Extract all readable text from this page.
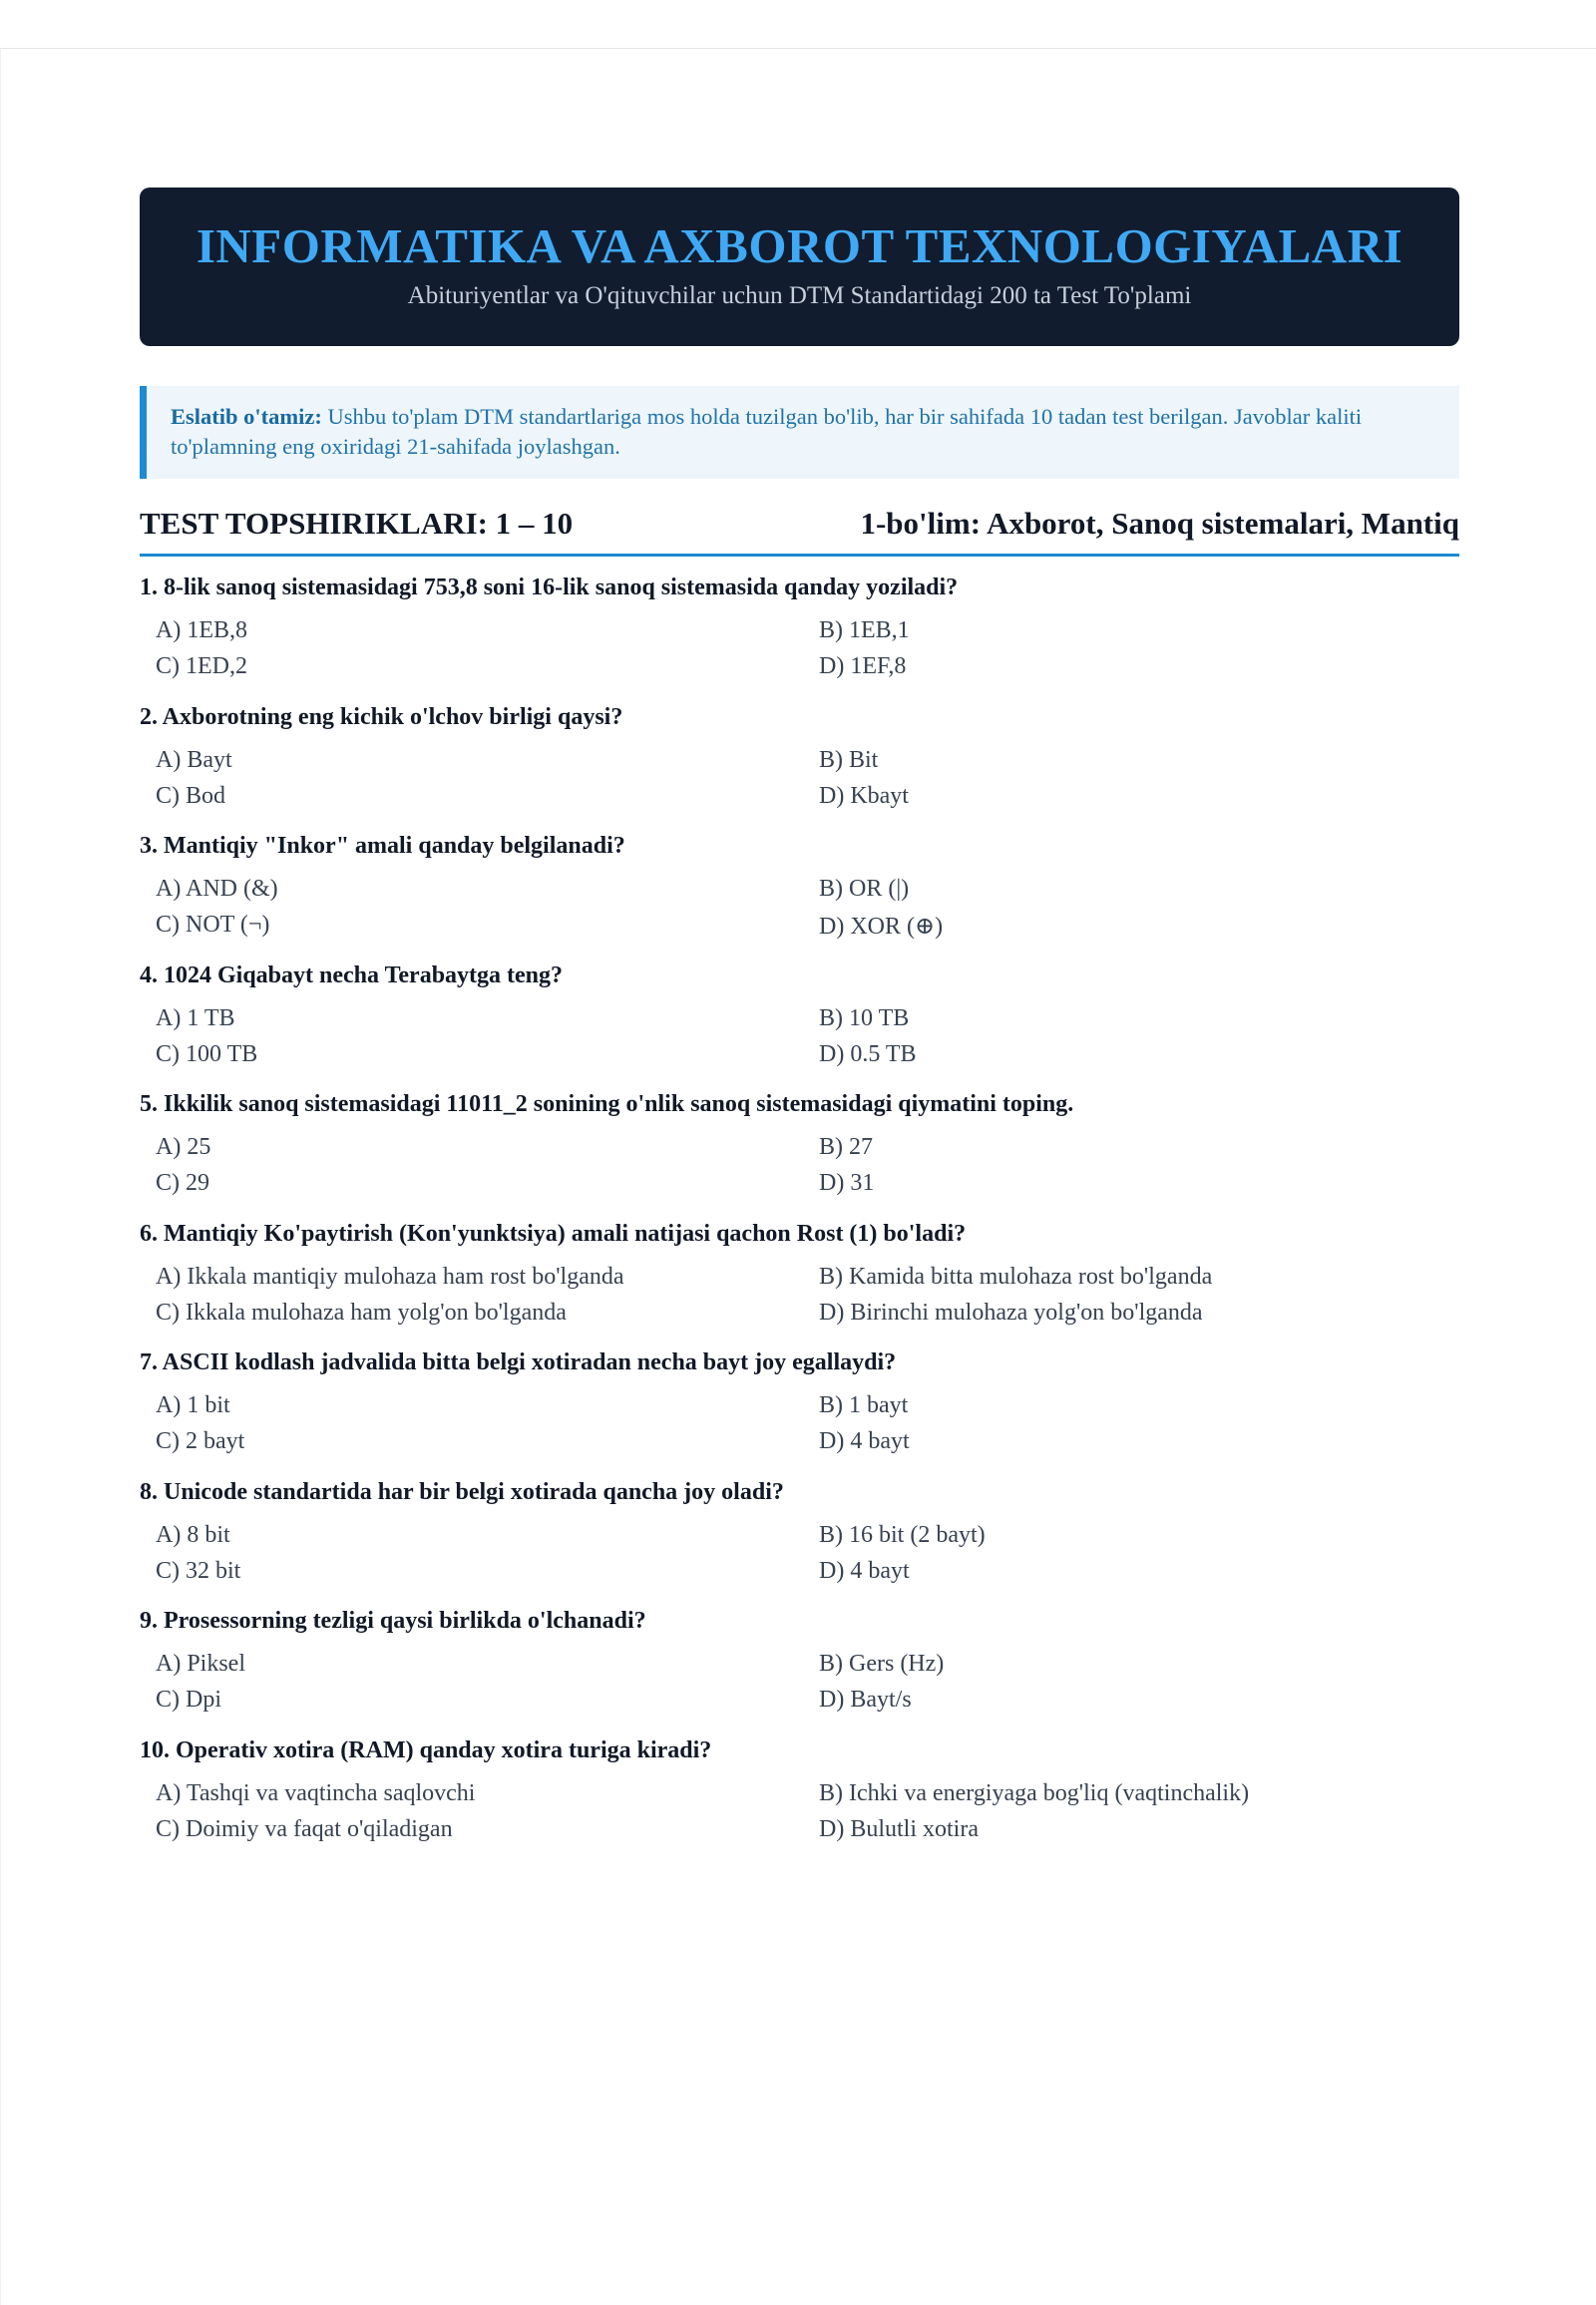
INFORMATIKA VA AXBOROT TEXNOLOGIYALARI
Abituriyentlar va O'qituvchilar uchun DTM Standartidagi 200 ta Test To'plami
Eslatib o'tamiz: Ushbu to'plam DTM standartlariga mos holda tuzilgan bo'lib, har bir sahifada 10 tadan test berilgan. Javoblar kaliti to'plamning eng oxiridagi 21-sahifada joylashgan.
TEST TOPSHIRIKLARI: 1 – 10	1-bo'lim: Axborot, Sanoq sistemalari, Mantiq
1. 8-lik sanoq sistemasidagi 753,8 soni 16-lik sanoq sistemasida qanday yoziladi?
A) 1EB,8	B) 1EB,1
C) 1ED,2	D) 1EF,8
2. Axborotning eng kichik o'lchov birligi qaysi?
A) Bayt	B) Bit
C) Bod	D) Kbayt
3. Mantiqiy "Inkor" amali qanday belgilanadi?
A) AND (&)	B) OR (|)
C) NOT (¬)	D) XOR (⊕)
4. 1024 Giqabayt necha Terabaytga teng?
A) 1 TB	B) 10 TB
C) 100 TB	D) 0.5 TB
5. Ikkilik sanoq sistemasidagi 11011_2 sonining o'nlik sanoq sistemasidagi qiymatini toping.
A) 25	B) 27
C) 29	D) 31
6. Mantiqiy Ko'paytirish (Kon'yunktsiya) amali natijasi qachon Rost (1) bo'ladi?
A) Ikkala mantiqiy mulohaza ham rost bo'lganda	B) Kamida bitta mulohaza rost bo'lganda
C) Ikkala mulohaza ham yolg'on bo'lganda	D) Birinchi mulohaza yolg'on bo'lganda
7. ASCII kodlash jadvalida bitta belgi xotiradan necha bayt joy egallaydi?
A) 1 bit	B) 1 bayt
C) 2 bayt	D) 4 bayt
8. Unicode standartida har bir belgi xotirada qancha joy oladi?
A) 8 bit	B) 16 bit (2 bayt)
C) 32 bit	D) 4 bayt
9. Prosessorning tezligi qaysi birlikda o'lchanadi?
A) Piksel	B) Gers (Hz)
C) Dpi	D) Bayt/s
10. Operativ xotira (RAM) qanday xotira turiga kiradi?
A) Tashqi va vaqtincha saqlovchi	B) Ichki va energiyaga bog'liq (vaqtinchalik)
C) Doimiy va faqat o'qiladigan	D) Bulutli xotira
